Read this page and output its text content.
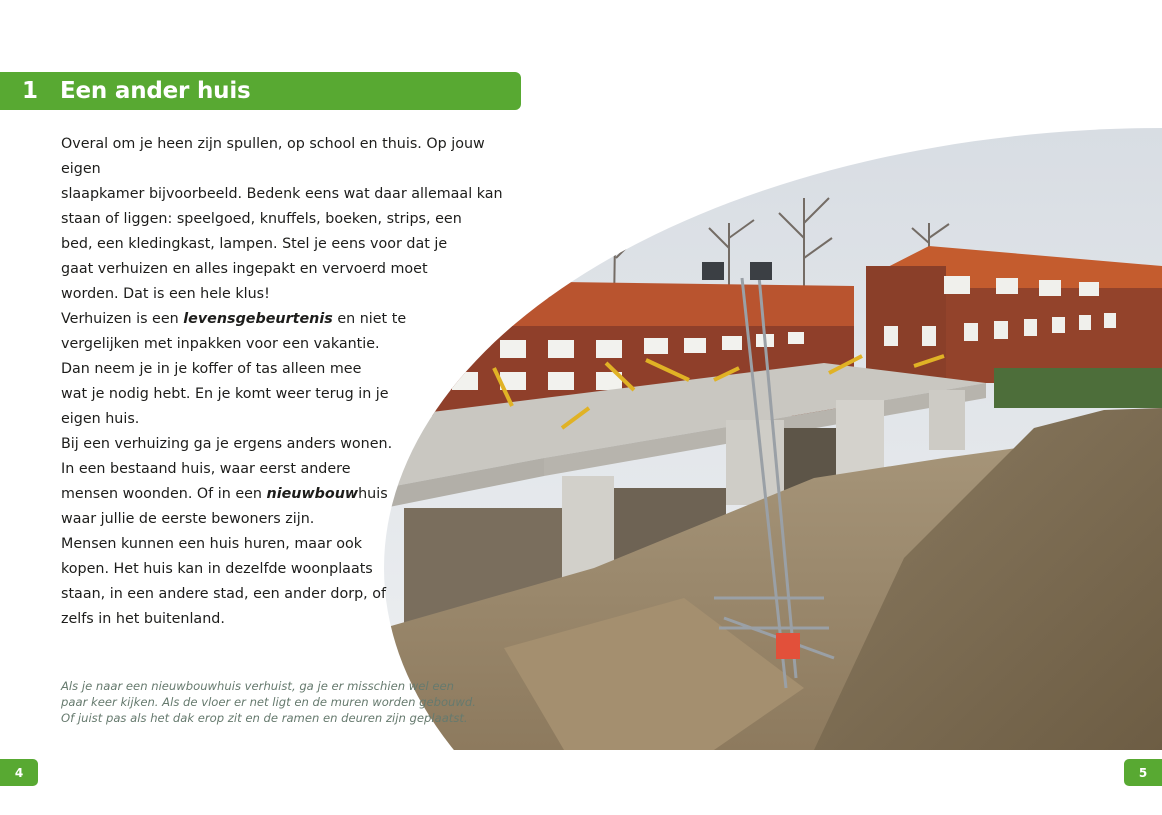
1 Een ander huis

Overal om je heen zijn spullen, op school en thuis. Op jouw eigen
slaapkamer bijvoorbeeld. Bedenk eens wat daar allemaal kan
staan of liggen: speelgoed, knuffels, boeken, strips, een
bed, een kledingkast, lampen. Stel je eens voor dat je
gaat verhuizen en alles ingepakt en vervoerd moet
worden. Dat is een hele klus!

Verhuizen is een levensgebeurtenis en niet te
vergelijken met inpakken voor een vakantie.
Dan neem je in je koffer of tas alleen mee
wat je nodig hebt. En je komt weer terug in je
eigen huis.

Bij een verhuizing ga je ergens anders wonen.
In een bestaand huis, waar eerst andere
mensen woonden. Of in een nieuwbouwhuis
waar jullie de eerste bewoners zijn.

Mensen kunnen een huis huren, maar ook
kopen. Het huis kan in dezelfde woonplaats
staan, in een andere stad, een ander dorp, of
zelfs in het buitenland.

Als je naar een nieuwbouwhuis verhuist, ga je er misschien wel een
paar keer kijken. Als de vloer er net ligt en de muren worden gebouwd.
Of juist pas als het dak erop zit en de ramen en deuren zijn geplaatst.

4	5
